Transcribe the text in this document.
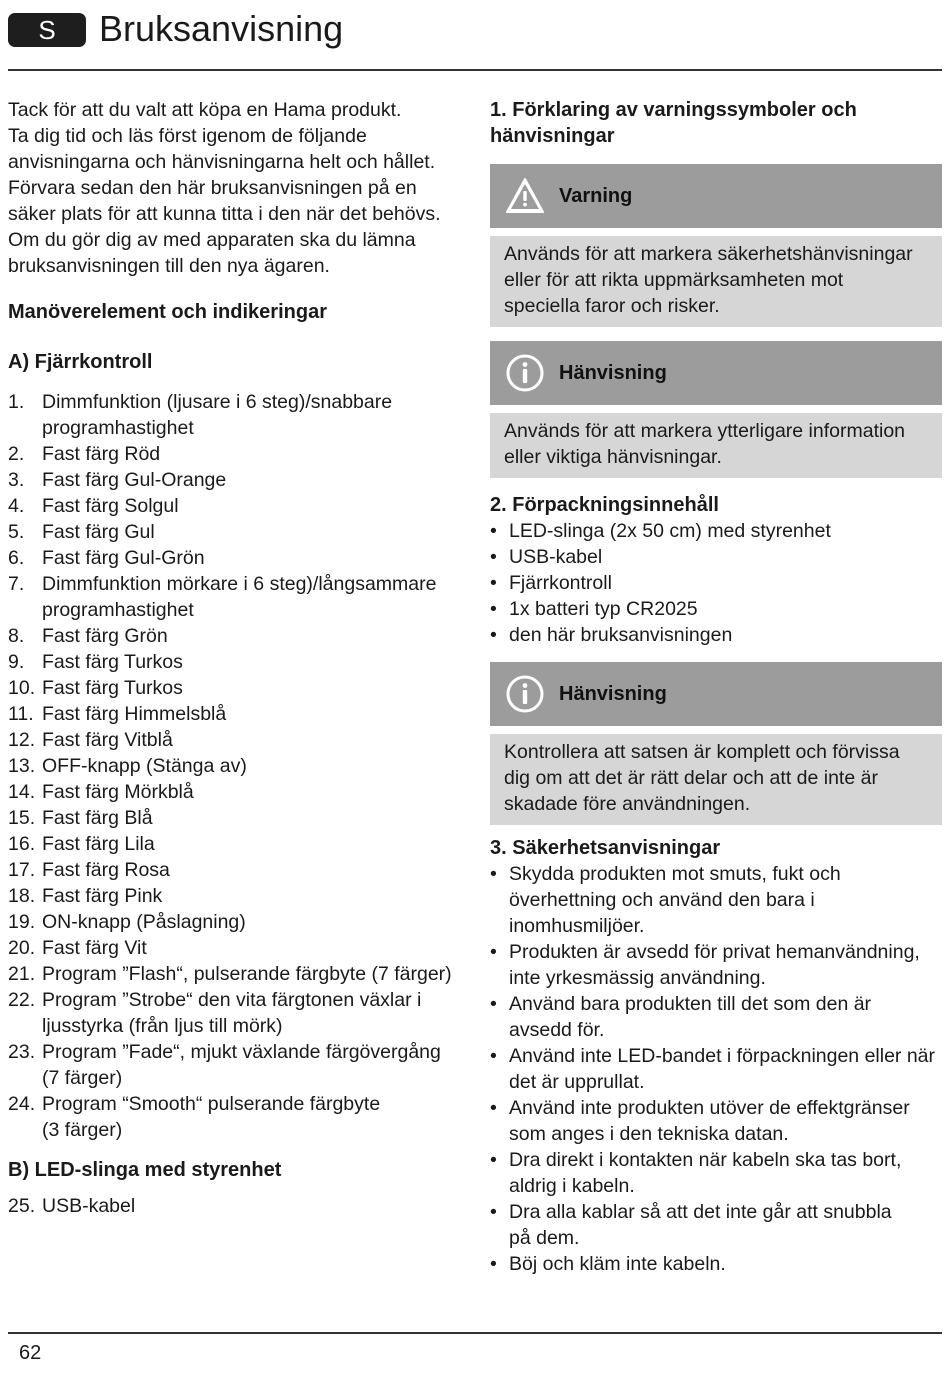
S	Bruksanvisning

Tack för att du valt att köpa en Hama produkt.
Ta dig tid och läs först igenom de följande
anvisningarna och hänvisningarna helt och hållet.
Förvara sedan den här bruksanvisningen på en
säker plats för att kunna titta i den när det behövs.
Om du gör dig av med apparaten ska du lämna
bruksanvisningen till den nya ägaren.

Manöverelement och indikeringar
A) Fjärrkontroll
1. Dimmfunktion (ljusare i 6 steg)/snabbare
programhastighet
2. Fast färg Röd
3. Fast färg Gul-Orange
4. Fast färg Solgul
5. Fast färg Gul
6. Fast färg Gul-Grön
7. Dimmfunktion mörkare i 6 steg)/långsammare
programhastighet
8. Fast färg Grön
9. Fast färg Turkos
10. Fast färg Turkos
11. Fast färg Himmelsblå
12. Fast färg Vitblå
13. OFF-knapp (Stänga av)
14. Fast färg Mörkblå
15. Fast färg Blå
16. Fast färg Lila
17. Fast färg Rosa
18. Fast färg Pink
19. ON-knapp (Påslagning)
20. Fast färg Vit
21. Program ”Flash“, pulserande färgbyte (7 färger)
22. Program ”Strobe“ den vita färgtonen växlar i
ljusstyrka (från ljus till mörk)
23. Program ”Fade“, mjukt växlande färgövergång
(7 färger)
24. Program “Smooth“ pulserande färgbyte
(3 färger)
B) LED-slinga med styrenhet
25. USB-kabel
1. Förklaring av varningssymboler och
hänvisningar
Varning
Används för att markera säkerhetshänvisningar
eller för att rikta uppmärksamheten mot
speciella faror och risker.
Hänvisning
Används för att markera ytterligare information
eller viktiga hänvisningar.
2. Förpackningsinnehåll
• LED-slinga (2x 50 cm) med styrenhet
• USB-kabel
• Fjärrkontroll
• 1x batteri typ CR2025
• den här bruksanvisningen
Hänvisning
Kontrollera att satsen är komplett och förvissa
dig om att det är rätt delar och att de inte är
skadade före användningen.
3. Säkerhetsanvisningar
• Skydda produkten mot smuts, fukt och
överhettning och använd den bara i
inomhusmiljöer.
• Produkten är avsedd för privat hemanvändning,
inte yrkesmässig användning.
• Använd bara produkten till det som den är
avsedd för.
• Använd inte LED-bandet i förpackningen eller när
det är upprullat.
• Använd inte produkten utöver de effektgränser
som anges i den tekniska datan.
• Dra direkt i kontakten när kabeln ska tas bort,
aldrig i kabeln.
• Dra alla kablar så att det inte går att snubbla
på dem.
• Böj och kläm inte kabeln.
62
